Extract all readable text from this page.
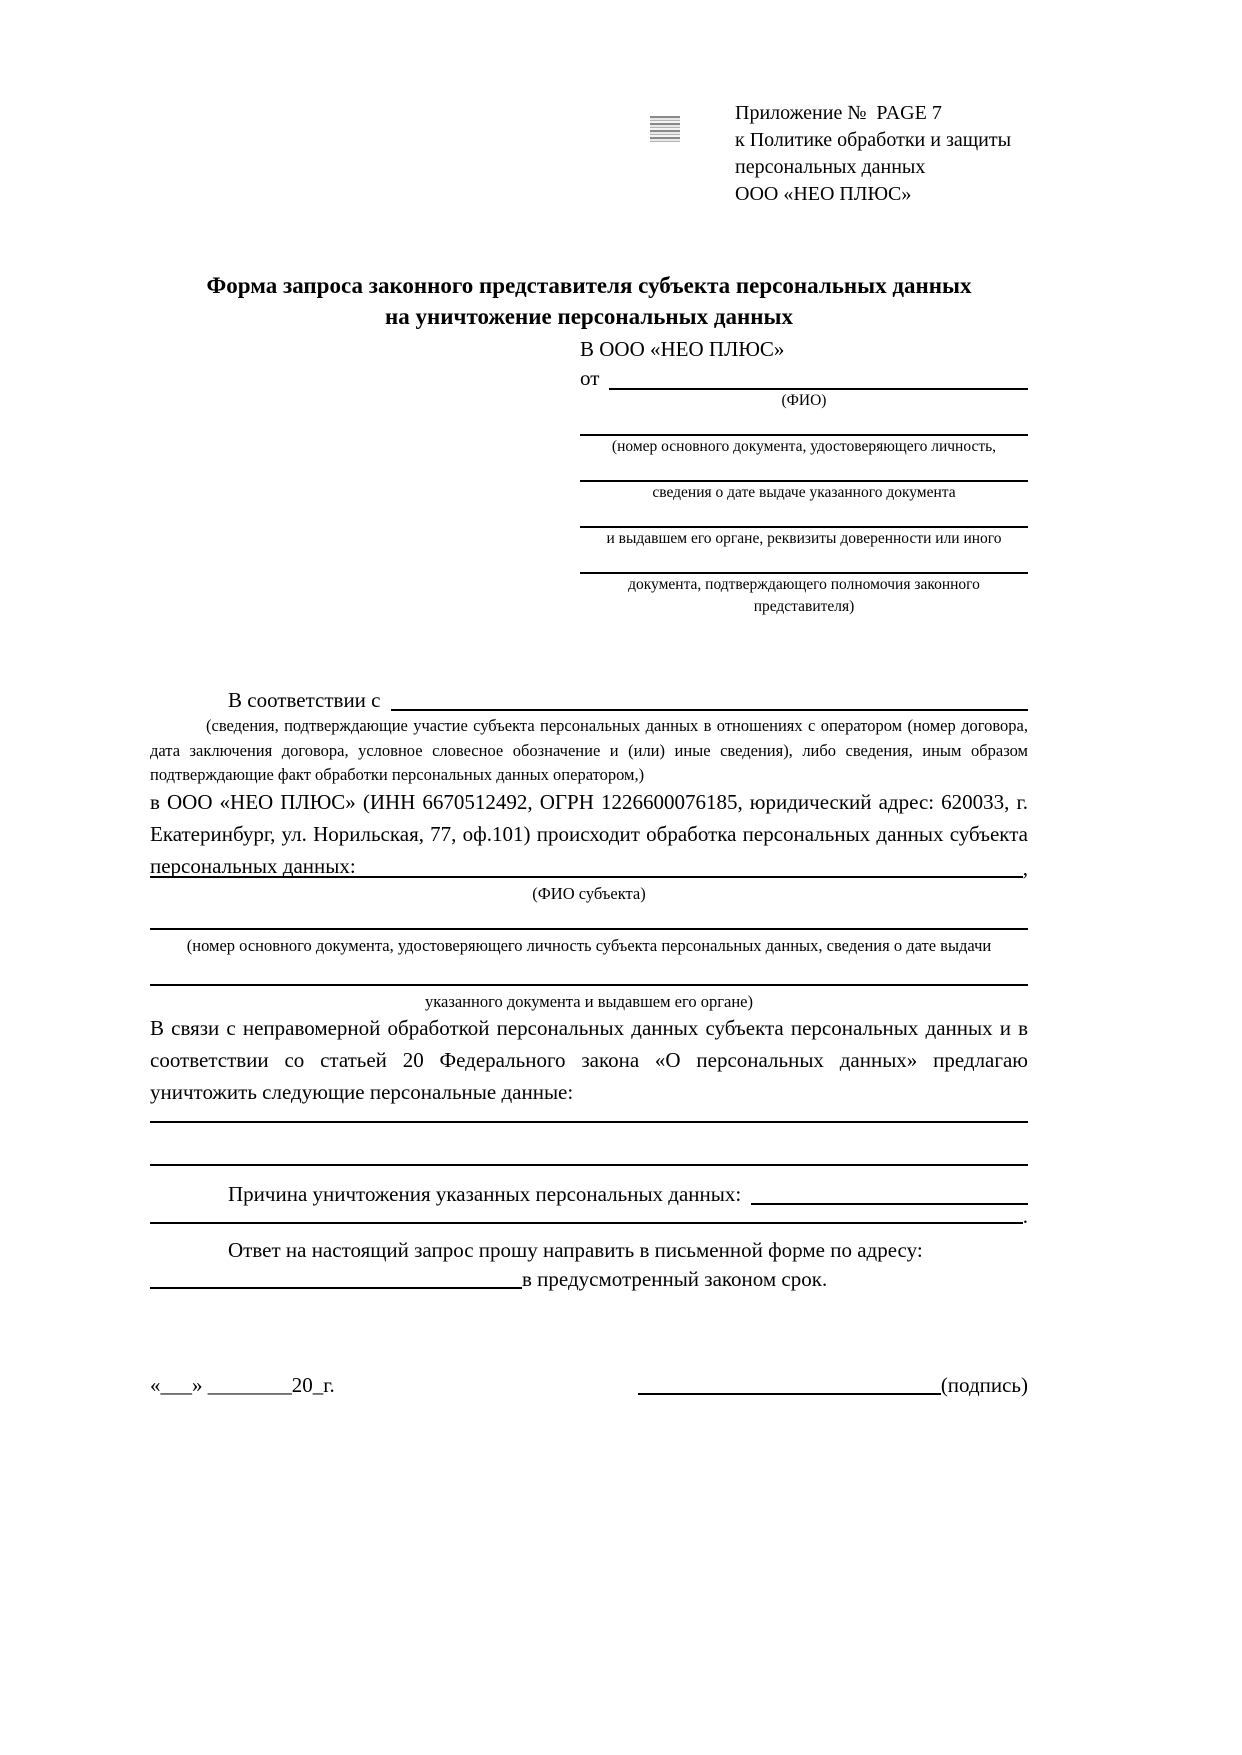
Приложение №  PAGE 7
к Политике обработки и защиты
персональных данных
ООО «НЕО ПЛЮС»
Форма запроса законного представителя субъекта персональных данных
на уничтожение персональных данных
В ООО «НЕО ПЛЮС»
от
(ФИО)
(номер основного документа, удостоверяющего личность,
сведения о дате выдаче указанного документа
и выдавшем его органе, реквизиты доверенности или иного
документа, подтверждающего полномочия законного представителя)
В соответствии с
(сведения, подтверждающие участие субъекта персональных данных в отношениях с оператором (номер договора, дата заключения договора, условное словесное обозначение и (или) иные сведения), либо сведения, иным образом подтверждающие факт обработки персональных данных оператором,)
в ООО «НЕО ПЛЮС» (ИНН 6670512492, ОГРН 1226600076185, юридический адрес: 620033, г. Екатеринбург, ул. Норильская, 77, оф.101) происходит обработка персональных данных субъекта персональных данных:	,
(ФИО субъекта)
(номер основного документа, удостоверяющего личность субъекта персональных данных, сведения о дате выдачи
указанного документа и выдавшем его органе)
В связи с неправомерной обработкой персональных данных субъекта персональных данных и в соответствии со статьей 20 Федерального закона «О персональных данных» предлагаю уничтожить следующие персональные данные:
Причина уничтожения указанных персональных данных:
.
Ответ на настоящий запрос прошу направить в письменной форме по адресу:
в предусмотренный законом срок.
«___» ________20_г.	(подпись)
